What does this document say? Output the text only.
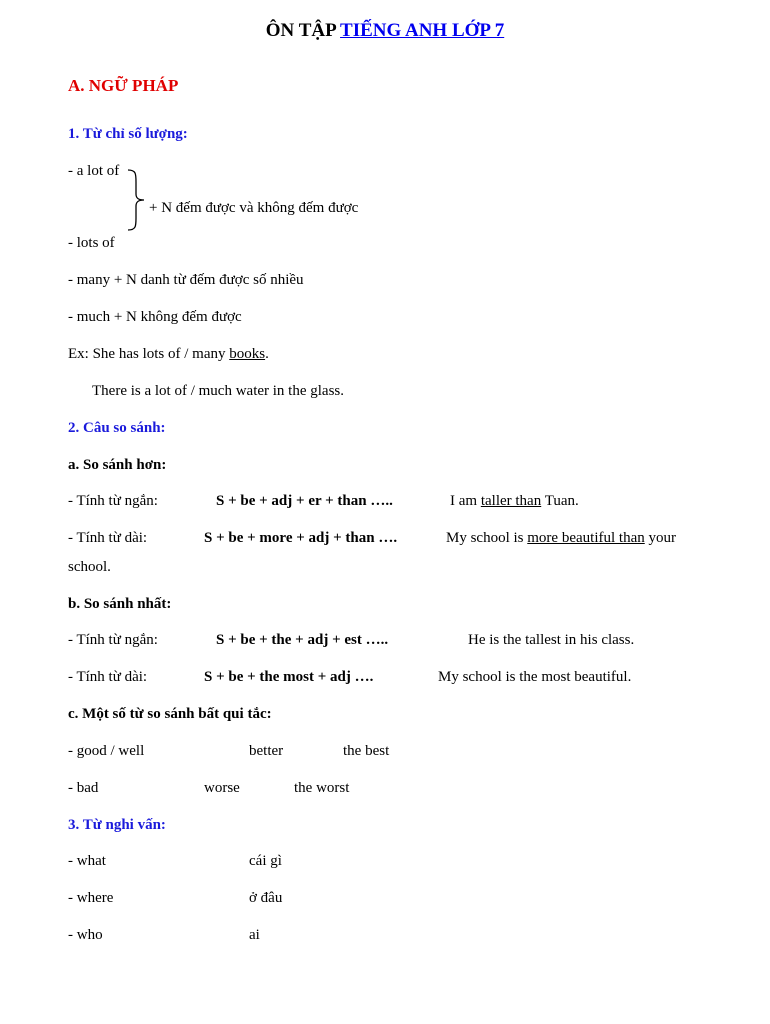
ÔN TẬP TIẾNG ANH LỚP 7
A. NGỮ PHÁP
1. Từ chỉ số lượng:
- a lot of
+ N đếm được và không đếm được
- lots of
- many + N danh từ đếm được số nhiều
- much + N không đếm được
Ex: She has lots of / many books.
There is a lot of / much water in the glass.
2. Câu so sánh:
a. So sánh hơn:
- Tính từ ngắn:	S + be + adj + er + than …..	I am taller than Tuan.
- Tính từ dài:	S + be + more + adj + than ….	My school is more beautiful than your
school.
b. So sánh nhất:
- Tính từ ngắn:	S + be + the + adj + est …..	He is the tallest in his class.
- Tính từ dài:	S + be + the most + adj ….	My school is the most beautiful.
c. Một số từ so sánh bất qui tắc:
- good / well	better	the best
- bad	worse	the worst
3. Từ nghi vấn:
- what	cái gì
- where	ở đâu
- who	ai
